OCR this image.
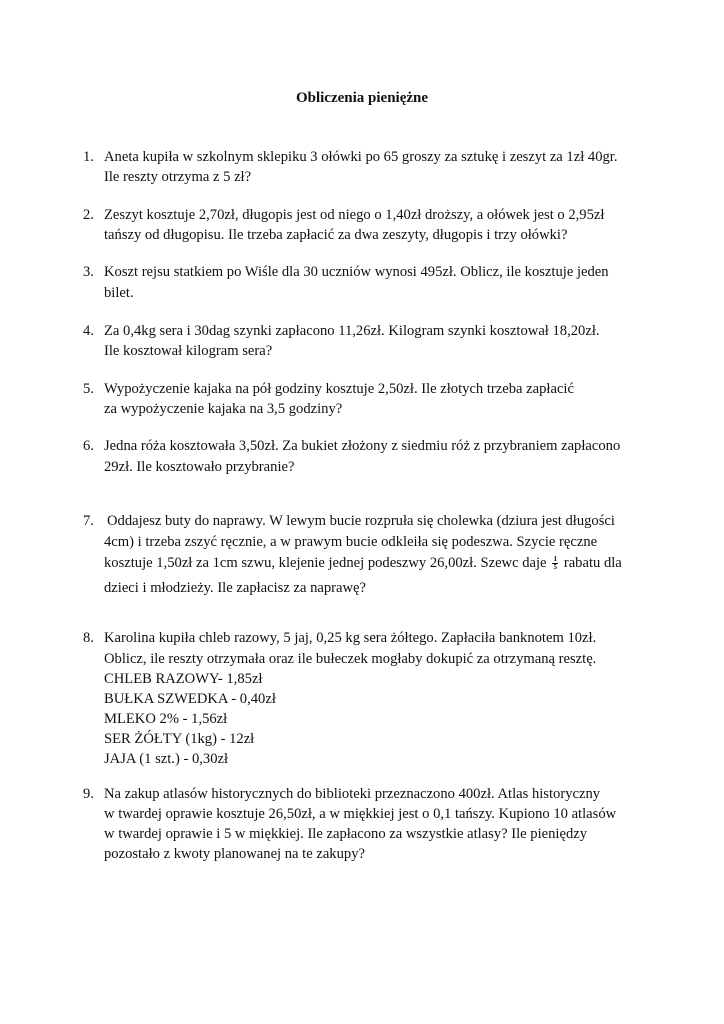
Obliczenia pieniężne
1. Aneta kupiła w szkolnym sklepiku 3 ołówki po 65 groszy za sztukę i zeszyt za 1zł 40gr.
Ile reszty otrzyma z 5 zł?
2. Zeszyt kosztuje 2,70zł, długopis jest od niego o 1,40zł droższy, a ołówek jest o 2,95zł
tańszy od długopisu. Ile trzeba zapłacić za dwa zeszyty, długopis i trzy ołówki?
3. Koszt rejsu statkiem po Wiśle dla 30 uczniów wynosi 495zł. Oblicz, ile kosztuje jeden
bilet.
4. Za 0,4kg sera i 30dag szynki zapłacono 11,26zł. Kilogram szynki kosztował 18,20zł.
Ile kosztował kilogram sera?
5. Wypożyczenie kajaka na pół godziny kosztuje 2,50zł. Ile złotych trzeba zapłacić
za wypożyczenie kajaka na 3,5 godziny?
6. Jedna róża kosztowała 3,50zł. Za bukiet złożony z siedmiu róż z przybraniem zapłacono
29zł. Ile kosztowało przybranie?
7. Oddajesz buty do naprawy. W lewym bucie rozpruła się cholewka (dziura jest długości
4cm) i trzeba zszyć ręcznie, a w prawym bucie odkleiła się podeszwa. Szycie ręczne
kosztuje 1,50zł za 1cm szwu, klejenie jednej podeszwy 26,00zł. Szewc daje $\frac{1}{5}$ rabatu dla
dzieci i młodzieży. Ile zapłacisz za naprawę?
8. Karolina kupiła chleb razowy, 5 jaj, 0,25 kg sera żółtego. Zapłaciła banknotem 10zł.
Oblicz, ile reszty otrzymała oraz ile bułeczek mogłaby dokupić za otrzymaną resztę.
CHLEB RAZOWY- 1,85zł
BUŁKA SZWEDKA - 0,40zł
MLEKO 2% - 1,56zł
SER ŻÓŁTY (1kg) - 12zł
JAJA (1 szt.) - 0,30zł
9. Na zakup atlasów historycznych do biblioteki przeznaczono 400zł. Atlas historyczny
w twardej oprawie kosztuje 26,50zł, a w miękkiej jest o 0,1 tańszy. Kupiono 10 atlasów
w twardej oprawie i 5 w miękkiej. Ile zapłacono za wszystkie atlasy? Ile pieniędzy
pozostało z kwoty planowanej na te zakupy?
